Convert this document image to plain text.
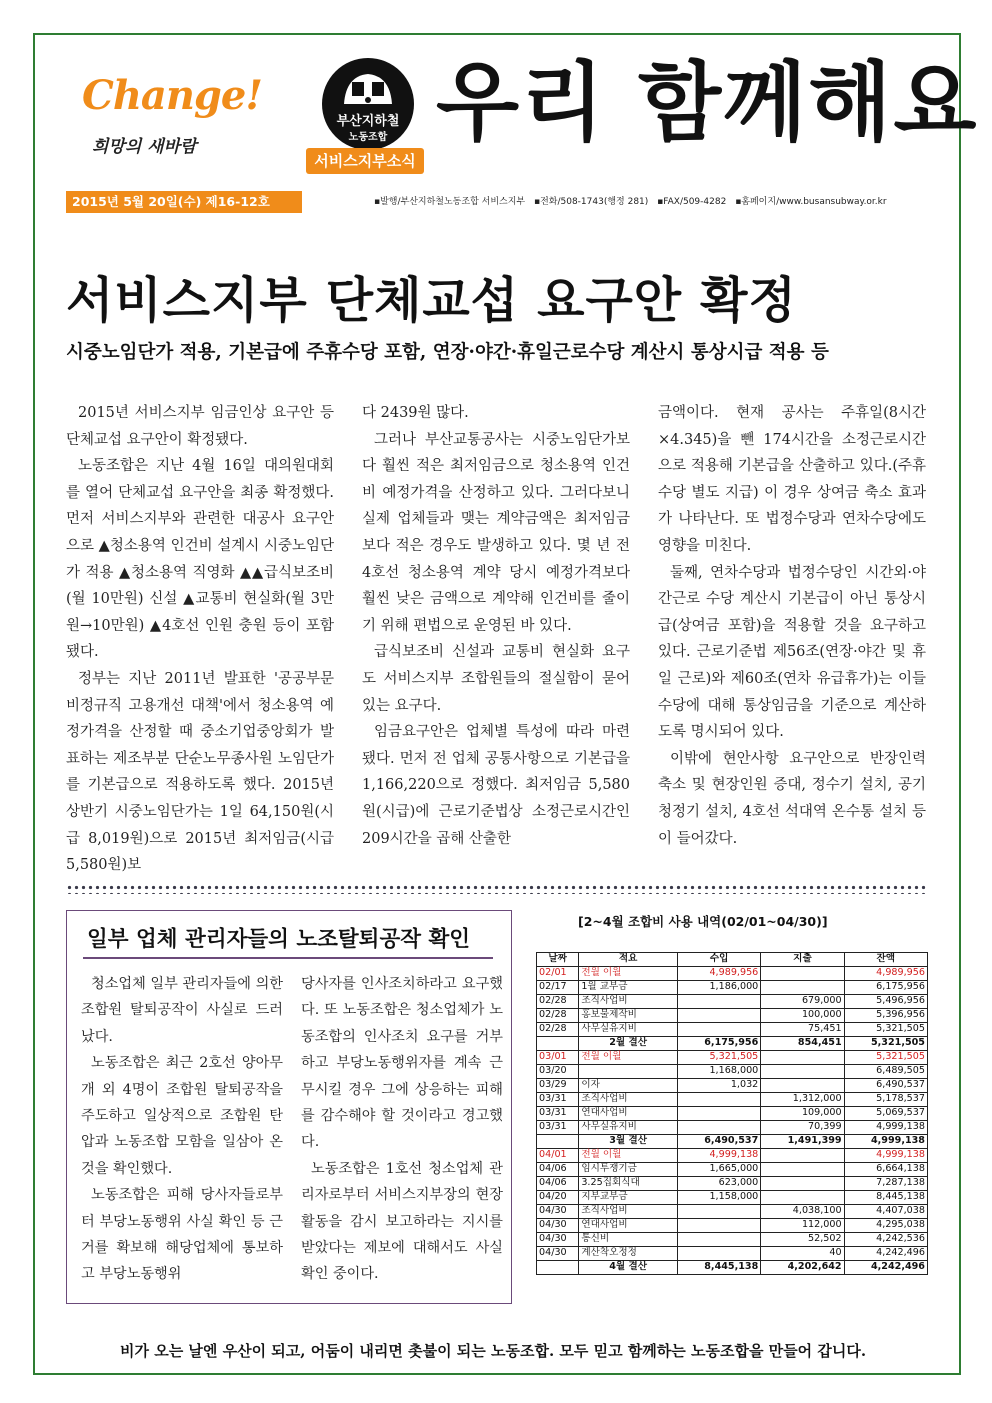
Change!
희망의 새바람
부산지하철
노동조합
서비스지부소식
우리 함께해요
2015년 5월 20일(수) 제16-12호	▪발행/부산지하철노동조합 서비스지부 ▪전화/508-1743(행정 281) ▪FAX/509-4282 ▪홈페이지/www.busansubway.or.kr
서비스지부 단체교섭 요구안 확정
시중노임단가 적용, 기본급에 주휴수당 포함, 연장·야간·휴일근로수당 계산시 통상시급 적용 등

2015년 서비스지부 임금인상 요구안 등 단체교섭 요구안이 확정됐다.

노동조합은 지난 4월 16일 대의원대회를 열어 단체교섭 요구안을 최종 확정했다. 먼저 서비스지부와 관련한 대공사 요구안으로 ▲청소용역 인건비 설계시 시중노임단가 적용 ▲청소용역 직영화 ▲▲급식보조비(월 10만원) 신설 ▲교통비 현실화(월 3만원→10만원) ▲4호선 인원 충원 등이 포함됐다.

정부는 지난 2011년 발표한 '공공부문 비정규직 고용개선 대책'에서 청소용역 예정가격을 산정할 때 중소기업중앙회가 발표하는 제조부분 단순노무종사원 노임단가를 기본급으로 적용하도록 했다. 2015년 상반기 시중노임단가는 1일 64,150원(시급 8,019원)으로 2015년 최저임금(시급 5,580원)보

다 2439원 많다.

그러나 부산교통공사는 시중노임단가보다 훨씬 적은 최저임금으로 청소용역 인건비 예정가격을 산정하고 있다. 그러다보니 실제 업체들과 맺는 계약금액은 최저임금보다 적은 경우도 발생하고 있다. 몇 년 전 4호선 청소용역 계약 당시 예정가격보다 훨씬 낮은 금액으로 계약해 인건비를 줄이기 위해 편법으로 운영된 바 있다.

급식보조비 신설과 교통비 현실화 요구도 서비스지부 조합원들의 절실함이 묻어있는 요구다.

임금요구안은 업체별 특성에 따라 마련됐다. 먼저 전 업체 공통사항으로 기본급을 1,166,220으로 정했다. 최저임금 5,580원(시급)에 근로기준법상 소정근로시간인 209시간을 곱해 산출한

금액이다. 현재 공사는 주휴일(8시간×4.345)을 뺀 174시간을 소정근로시간으로 적용해 기본급을 산출하고 있다.(주휴수당 별도 지급) 이 경우 상여금 축소 효과가 나타난다. 또 법정수당과 연차수당에도 영향을 미친다.

둘째, 연차수당과 법정수당인 시간외·야간근로 수당 계산시 기본급이 아닌 통상시급(상여금 포함)을 적용할 것을 요구하고 있다. 근로기준법 제56조(연장·야간 및 휴일 근로)와 제60조(연차 유급휴가)는 이들 수당에 대해 통상임금을 기준으로 계산하도록 명시되어 있다.

이밖에 현안사항 요구안으로 반장인력 축소 및 현장인원 증대, 정수기 설치, 공기청정기 설치, 4호선 석대역 온수통 설치 등이 들어갔다.

일부 업체 관리자들의 노조탈퇴공작 확인

청소업체 일부 관리자들에 의한 조합원 탈퇴공작이 사실로 드러났다.

노동조합은 최근 2호선 양아무개 외 4명이 조합원 탈퇴공작을 주도하고 일상적으로 조합원 탄압과 노동조합 모함을 일삼아 온 것을 확인했다.

노동조합은 피해 당사자들로부터 부당노동행위 사실 확인 등 근거를 확보해 해당업체에 통보하고 부당노동행위

당사자를 인사조치하라고 요구했다. 또 노동조합은 청소업체가 노동조합의 인사조치 요구를 거부하고 부당노동행위자를 계속 근무시킬 경우 그에 상응하는 피해를 감수해야 할 것이라고 경고했다.

노동조합은 1호선 청소업체 관리자로부터 서비스지부장의 현장활동을 감시 보고하라는 지시를 받았다는 제보에 대해서도 사실 확인 중이다.

[2~4월 조합비 사용 내역(02/01~04/30)]
날짜	적요	수입	지출	잔액
02/01	전월 이월	4,989,956		4,989,956
02/17	1월 교부금	1,186,000		6,175,956
02/28	조직사업비		679,000	5,496,956
02/28	홍보물제작비		100,000	5,396,956
02/28	사무실유지비		75,451	5,321,505
	2월 결산	6,175,956	854,451	5,321,505
03/01	전월 이월	5,321,505		5,321,505
03/20		1,168,000		6,489,505
03/29	이자	1,032		6,490,537
03/31	조직사업비		1,312,000	5,178,537
03/31	연대사업비		109,000	5,069,537
03/31	사무실유지비		70,399	4,999,138
	3월 결산	6,490,537	1,491,399	4,999,138
04/01	전월 이월	4,999,138		4,999,138
04/06	임시투쟁기금	1,665,000		6,664,138
04/06	3.25집회식대	623,000		7,287,138
04/20	지부교부금	1,158,000		8,445,138
04/30	조직사업비		4,038,100	4,407,038
04/30	연대사업비		112,000	4,295,038
04/30	통신비		52,502	4,242,536
04/30	계산착오정정		40	4,242,496
	4월 결산	8,445,138	4,202,642	4,242,496
비가 오는 날엔 우산이 되고, 어둠이 내리면 촛불이 되는 노동조합. 모두 믿고 함께하는 노동조합을 만들어 갑니다.
